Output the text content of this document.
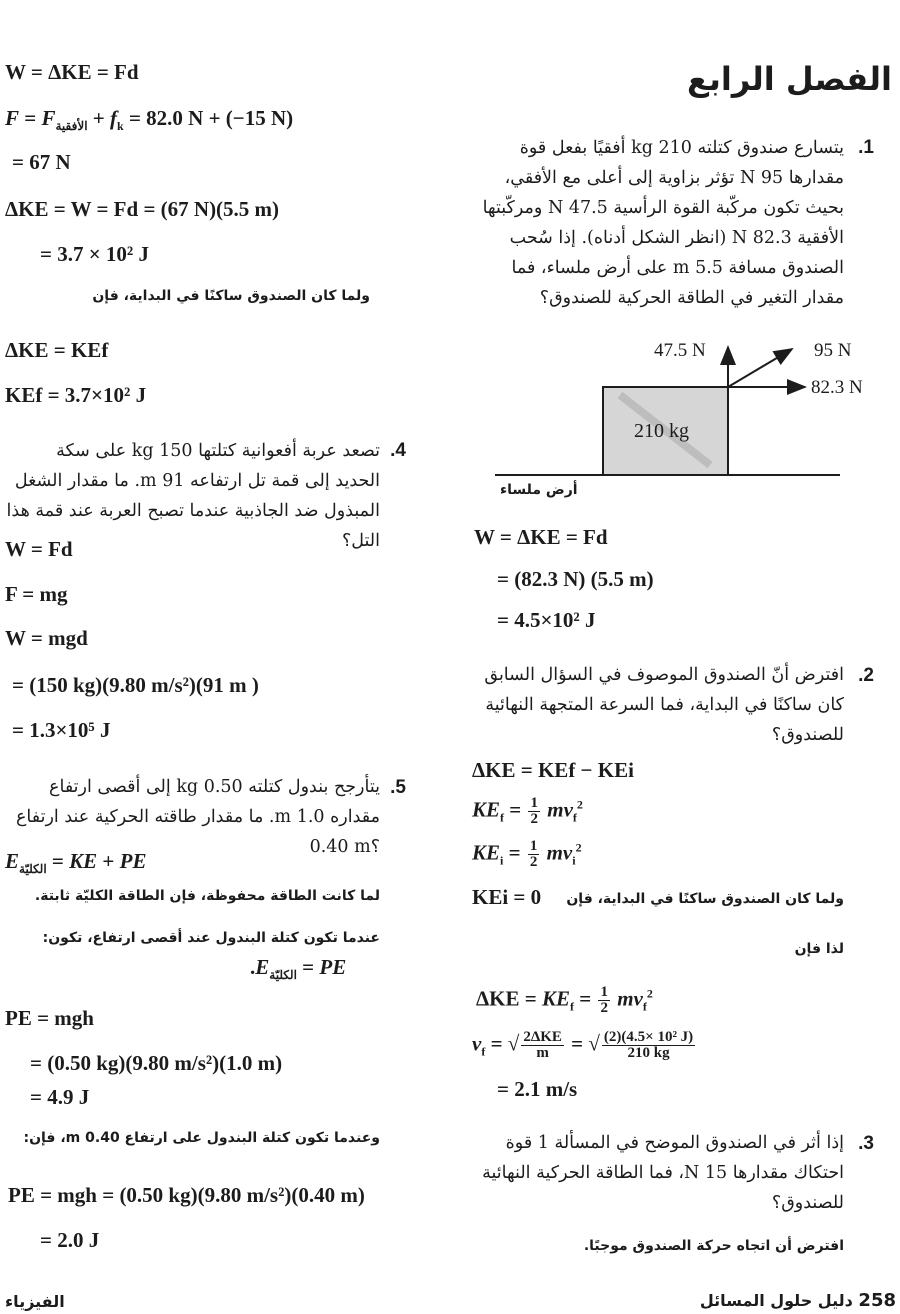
الفصل الرابع
.1
يتسارع صندوق كتلته 210 kg أفقيًا بفعل قوة مقدارها 95 N تؤثر بزاوية إلى أعلى مع الأفقي، بحيث تكون مركّبة القوة الرأسية 47.5 N ومركّبتها الأفقية 82.3 N (انظر الشكل أدناه). إذا سُحب الصندوق مسافة 5.5 m على أرض ملساء، فما مقدار التغير في الطاقة الحركية للصندوق؟
47.5 N	95 N
82.3 N
210 kg
أرض ملساء
W = ΔKE = Fd
= (82.3 N) (5.5 m)
= 4.5×10² J
.2
افترض أنّ الصندوق الموصوف في السؤال السابق كان ساكنًا في البداية، فما السرعة المتجهة النهائية للصندوق؟
ΔKE = KEf − KEi
$KE_f = \frac{1}{2} mv_f^2$
$KE_i = \frac{1}{2} mv_i^2$
KEi = 0 ولما كان الصندوق ساكنًا في البداية، فإن
لذا فإن
$\Delta KE = KE_f = \frac{1}{2} mv_f^2$
$v_f$ = √ $\frac{\text{2ΔKE}}{m}$ = √ $\frac{\text{(2)(4.5× 10² J)}}{210 kg}$
= 2.1 m/s
.3
إذا أثر في الصندوق الموضح في المسألة 1 قوة احتكاك مقدارها 15 N، فما الطاقة الحركية النهائية للصندوق؟
افترض أن اتجاه حركة الصندوق موجبًا.
W = ΔKE = Fd
$F = F_{الأفقية} + f_k = 82.0$ N + (−15 N)
= 67 N
ΔKE = W = Fd = (67 N)(5.5 m)
= 3.7 × 10² J
ولما كان الصندوق ساكنًا في البداية، فإن
ΔKE = KEf
KEf = 3.7×10² J
.4
تصعد عربة أفعوانية كتلتها 150 kg على سكة الحديد إلى قمة تل ارتفاعه 91 m. ما مقدار الشغل المبذول ضد الجاذبية عندما تصبح العربة عند قمة هذا التل؟
W = Fd
F = mg
W = mgd
= (150 kg)(9.80 m/s²)(91 m )
= 1.3×10⁵ J
.5
يتأرجح بندول كتلته 0.50 kg إلى أقصى ارتفاع
مقداره 1.0 m. ما مقدار طاقته الحركية عند ارتفاع
0.40 m؟
$E_{الكليّة}$ = KE + PE
لما كانت الطاقة محفوظة، فإن الطاقة الكليّة ثابتة.
عندما تكون كتلة البندول عند أقصى ارتفاع، تكون:
$.E_{الكليّة}$ = PE
PE = mgh
= (0.50 kg)(9.80 m/s²)(1.0 m)
= 4.9 J
وعندما تكون كتلة البندول على ارتفاع 0.40 m، فإن:
PE = mgh = (0.50 kg)(9.80 m/s²)(0.40 m)
= 2.0 J
الفيزياء	258 دليل حلول المسائل
